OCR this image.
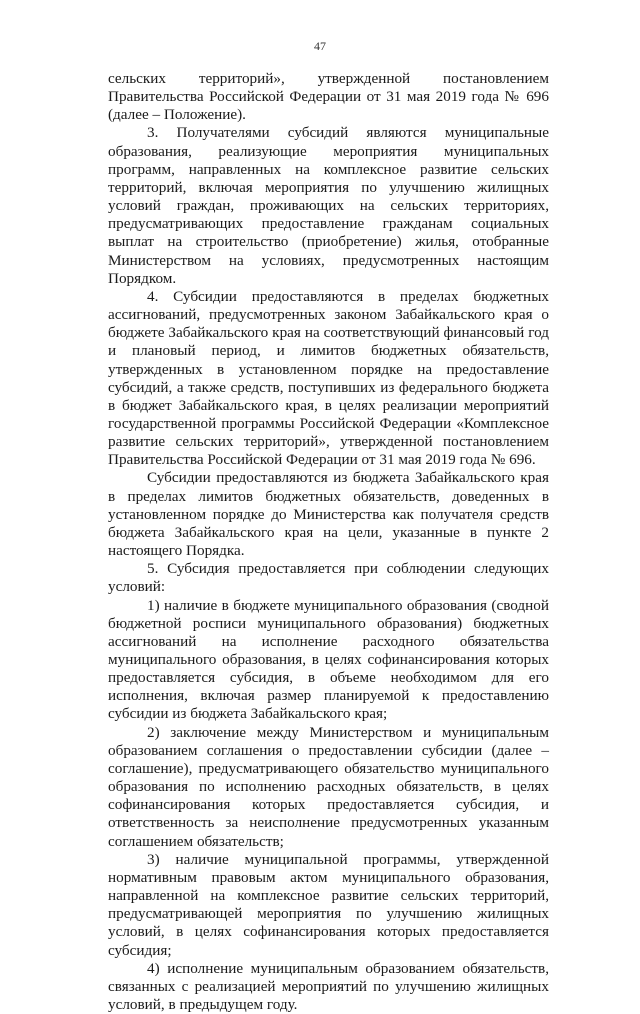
47

сельских территорий», утвержденной постановлением Правительства Российской Федерации от 31 мая 2019 года № 696 (далее – Положение).

3. Получателями субсидий являются муниципальные образования, реализующие мероприятия муниципальных программ, направленных на комплексное развитие сельских территорий, включая мероприятия по улучшению жилищных условий граждан, проживающих на сельских территориях, предусматривающих предоставление гражданам социальных выплат на строительство (приобретение) жилья, отобранные Министерством на условиях, предусмотренных настоящим Порядком.

4. Субсидии предоставляются в пределах бюджетных ассигнований, предусмотренных законом Забайкальского края о бюджете Забайкальского края на соответствующий финансовый год и плановый период, и лимитов бюджетных обязательств, утвержденных в установленном порядке на предоставление субсидий, а также средств, поступивших из федерального бюджета в бюджет Забайкальского края, в целях реализации мероприятий государственной программы Российской Федерации «Комплексное развитие сельских территорий», утвержденной постановлением Правительства Российской Федерации от 31 мая 2019 года № 696.

Субсидии предоставляются из бюджета Забайкальского края в пределах лимитов бюджетных обязательств, доведенных в установленном порядке до Министерства как получателя средств бюджета Забайкальского края на цели, указанные в пункте 2 настоящего Порядка.

5. Субсидия предоставляется при соблюдении следующих условий:

1) наличие в бюджете муниципального образования (сводной бюджетной росписи муниципального образования) бюджетных ассигнований на исполнение расходного обязательства муниципального образования, в целях софинансирования которых предоставляется субсидия, в объеме необходимом для его исполнения, включая размер планируемой к предоставлению субсидии из бюджета Забайкальского края;

2) заключение между Министерством и муниципальным образованием соглашения о предоставлении субсидии (далее – соглашение), предусматривающего обязательство муниципального образования по исполнению расходных обязательств, в целях софинансирования которых предоставляется субсидия, и ответственность за неисполнение предусмотренных указанным соглашением обязательств;

3) наличие муниципальной программы, утвержденной нормативным правовым актом муниципального образования, направленной на комплексное развитие сельских территорий, предусматривающей мероприятия по улучшению жилищных условий, в целях софинансирования которых предоставляется субсидия;

4) исполнение муниципальным образованием обязательств, связанных с реализацией мероприятий по улучшению жилищных условий, в предыдущем году.
